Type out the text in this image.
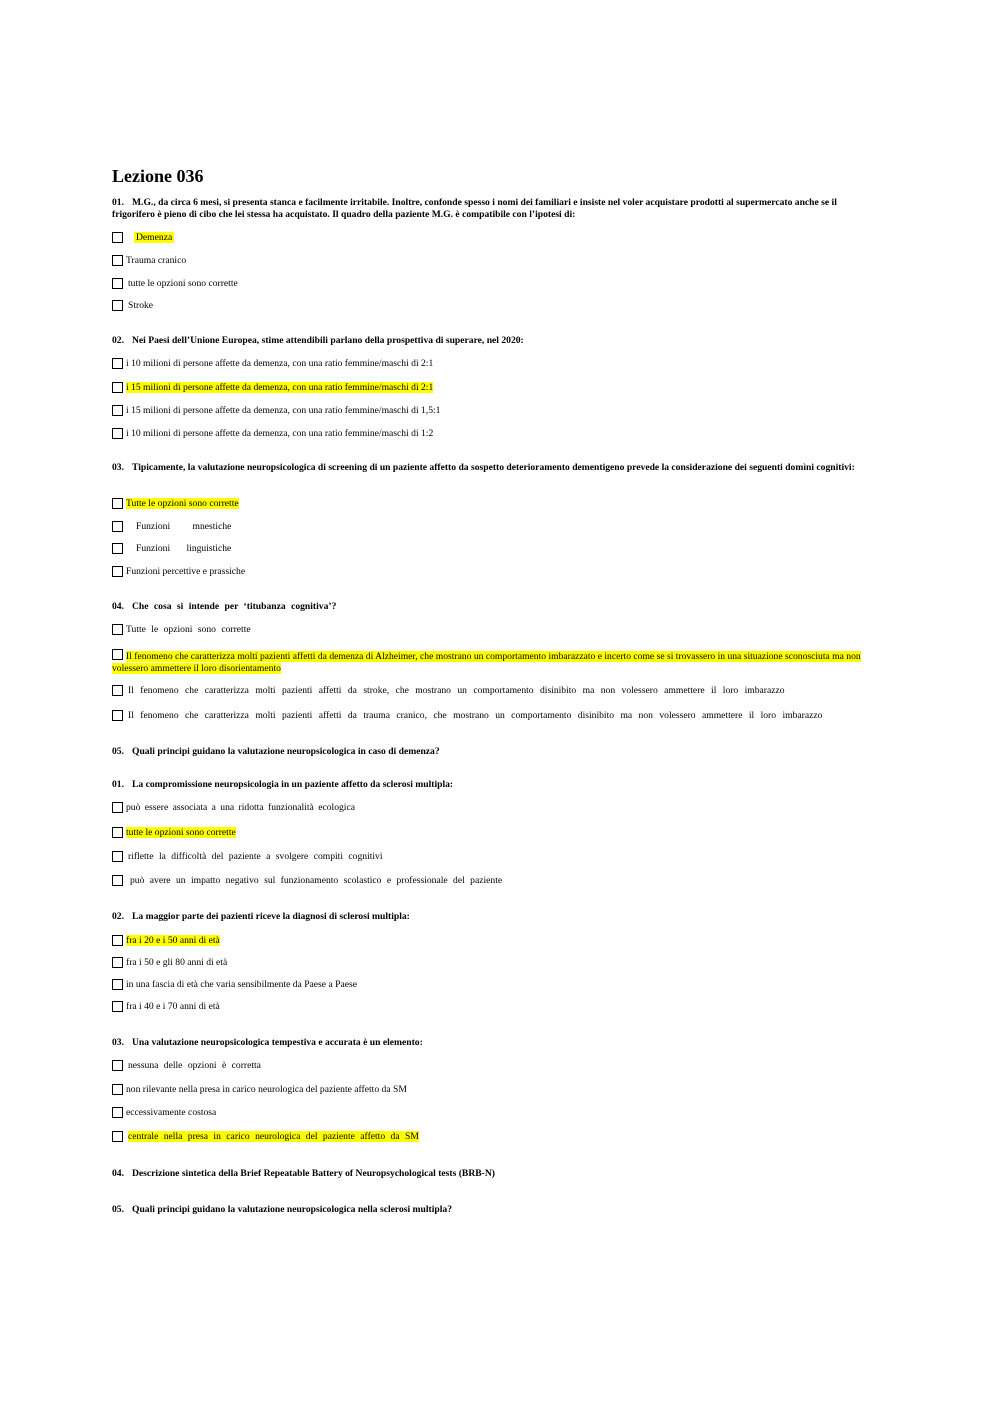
Lezione 036
01. M.G., da circa 6 mesi, si presenta stanca e facilmente irritabile. Inoltre, confonde spesso i nomi dei familiari e insiste nel voler acquistare prodotti al supermercato anche se il frigorifero è pieno di cibo che lei stessa ha acquistato. Il quadro della paziente M.G. è compatibile con l’ipotesi di:
Demenza
Trauma cranico
tutte le opzioni sono corrette
Stroke
02. Nei Paesi dell’Unione Europea, stime attendibili parlano della prospettiva di superare, nel 2020:
i 10 milioni di persone affette da demenza, con una ratio femmine/maschi di 2:1
i 15 milioni di persone affette da demenza, con una ratio femmine/maschi di 2:1
i 15 milioni di persone affette da demenza, con una ratio femmine/maschi di 1,5:1
i 10 milioni di persone affette da demenza, con una ratio femmine/maschi di 1:2
03. Tipicamente, la valutazione neuropsicologica di screening di un paziente affetto da sospetto deterioramento dementigeno prevede la considerazione dei seguenti domìni cognitivi:
Tutte le opzioni sono corrette
Funzioni mnestiche
Funzioni linguistiche
Funzioni percettive e prassiche
04. Che cosa si intende per ‘titubanza cognitiva’?
Tutte le opzioni sono corrette
Il fenomeno che caratterizza molti pazienti affetti da demenza di Alzheimer, che mostrano un comportamento imbarazzato e incerto come se si trovassero in una situazione sconosciuta ma non volessero ammettere il loro disorientamento
Il fenomeno che caratterizza molti pazienti affetti da stroke, che mostrano un comportamento disinibito ma non volessero ammettere il loro imbarazzo
Il fenomeno che caratterizza molti pazienti affetti da trauma cranico, che mostrano un comportamento disinibito ma non volessero ammettere il loro imbarazzo
05. Quali principi guidano la valutazione neuropsicologica in caso di demenza?
01. La compromissione neuropsicologia in un paziente affetto da sclerosi multipla:
può essere associata a una ridotta funzionalità ecologica
tutte le opzioni sono corrette
riflette la difficoltà del paziente a svolgere compiti cognitivi
può avere un impatto negativo sul funzionamento scolastico e professionale del paziente
02. La maggior parte dei pazienti riceve la diagnosi di sclerosi multipla:
fra i 20 e i 50 anni di età
fra i 50 e gli 80 anni di età
in una fascia di età che varia sensibilmente da Paese a Paese
fra i 40 e i 70 anni di età
03. Una valutazione neuropsicologica tempestiva e accurata è un elemento:
nessuna delle opzioni è corretta
non rilevante nella presa in carico neurologica del paziente affetto da SM
eccessivamente costosa
centrale nella presa in carico neurologica del paziente affetto da SM
04. Descrizione sintetica della Brief Repeatable Battery of Neuropsychological tests (BRB-N)
05. Quali principi guidano la valutazione neuropsicologica nella sclerosi multipla?
